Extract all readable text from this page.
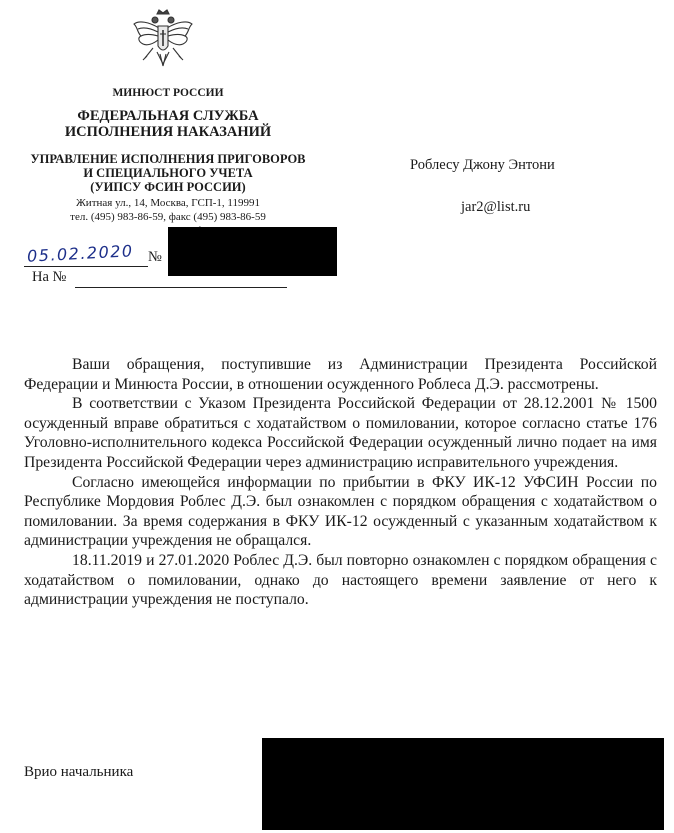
МИНЮСТ РОССИИ
ФЕДЕРАЛЬНАЯ СЛУЖБА
ИСПОЛНЕНИЯ НАКАЗАНИЙ
УПРАВЛЕНИЕ ИСПОЛНЕНИЯ ПРИГОВОРОВ
И СПЕЦИАЛЬНОГО УЧЕТА
(УИПСУ ФСИН РОССИИ)
Житная ул., 14, Москва, ГСП-1, 119991
тел. (495) 983-86-59, факс (495) 983-86-59
05.02.2020 №
На №
Роблесу Джону Энтони
jar2@list.ru

Ваши обращения, поступившие из Администрации Президента Российской Федерации и Минюста России, в отношении осужденного Роблеса Д.Э. рассмотрены.

В соответствии с Указом Президента Российской Федерации от 28.12.2001 № 1500 осужденный вправе обратиться с ходатайством о помиловании, которое согласно статье 176 Уголовно-исполнительного кодекса Российской Федерации осужденный лично подает на имя Президента Российской Федерации через администрацию исправительного учреждения.

Согласно имеющейся информации по прибытии в ФКУ ИК-12 УФСИН России по Республике Мордовия Роблес Д.Э. был ознакомлен с порядком обращения с ходатайством о помиловании. За время содержания в ФКУ ИК-12 осужденный с указанным ходатайством к администрации учреждения не обращался.

18.11.2019 и 27.01.2020 Роблес Д.Э. был повторно ознакомлен с порядком обращения с ходатайством о помиловании, однако до настоящего времени заявление от него к администрации учреждения не поступало.

Врио начальника
